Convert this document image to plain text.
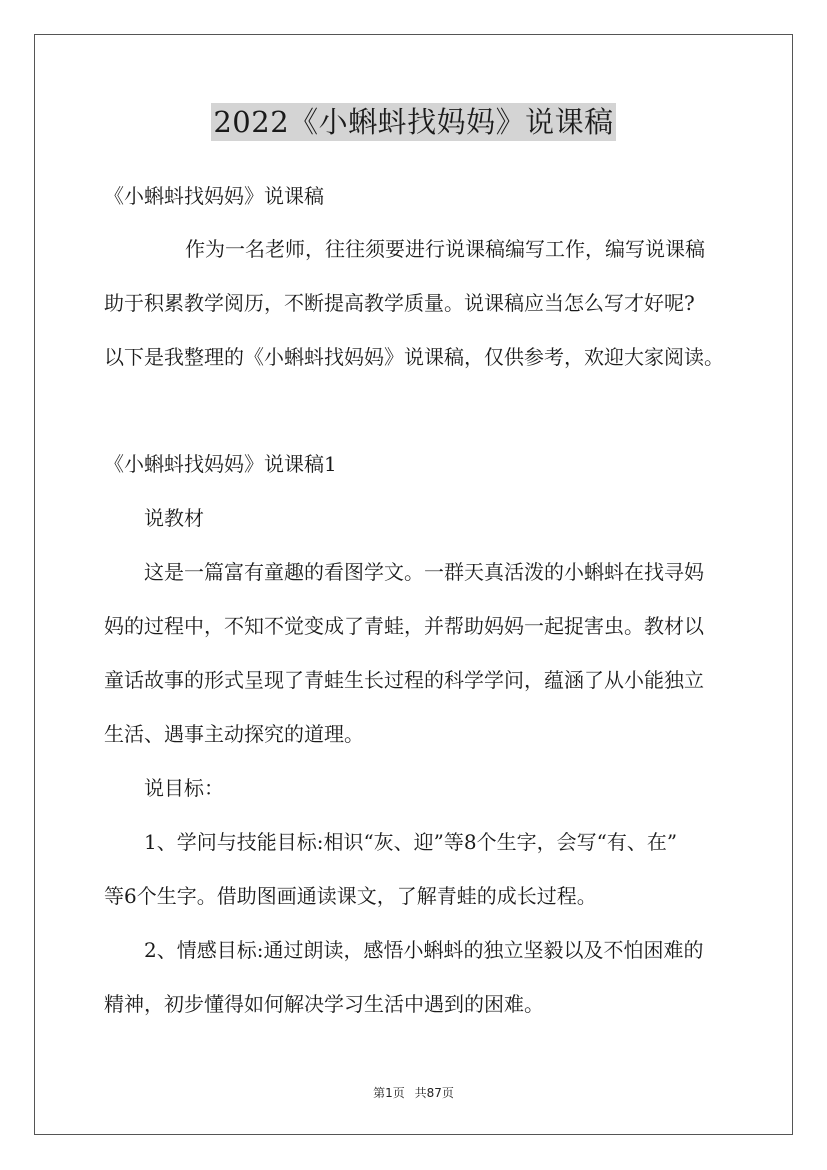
2022《小蝌蚪找妈妈》说课稿
《小蝌蚪找妈妈》说课稿
作为一名老师，往往须要进行说课稿编写工作，编写说课稿
助于积累教学阅历，不断提高教学质量。说课稿应当怎么写才好呢?
以下是我整理的《小蝌蚪找妈妈》说课稿，仅供参考，欢迎大家阅读。
《小蝌蚪找妈妈》说课稿1
说教材
这是一篇富有童趣的看图学文。一群天真活泼的小蝌蚪在找寻妈
妈的过程中，不知不觉变成了青蛙，并帮助妈妈一起捉害虫。教材以
童话故事的形式呈现了青蛙生长过程的科学学问，蕴涵了从小能独立
生活、遇事主动探究的道理。
说目标：
1、学问与技能目标:相识“灰、迎”等8个生字，会写“有、在”
等6个生字。借助图画通读课文，了解青蛙的成长过程。
2、情感目标:通过朗读，感悟小蝌蚪的独立坚毅以及不怕困难的
精神，初步懂得如何解决学习生活中遇到的困难。
第1页 共87页
